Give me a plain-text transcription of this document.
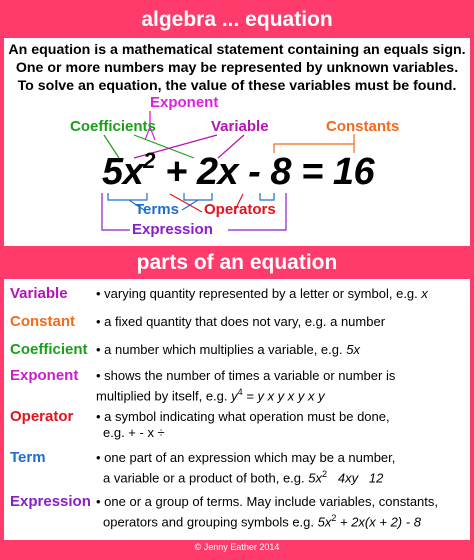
algebra ... equation
An equation is a mathematical statement containing an equals sign.
One or more numbers may be represented by unknown variables.
To solve an equation, the value of these variables must be found.
Exponent
Coefficients	Variable	Constants
$5x^2 + 2x - 8 = 16$
Terms Operators
Expression
parts of an equation
Variable • varying quantity represented by a letter or symbol, e.g. x
Constant • a fixed quantity that does not vary, e.g. a number
Coefficient • a number which multiplies a variable, e.g. 5x
Exponent • shows the number of times a variable or number is
multiplied by itself, e.g. $y^4 = y$ x y x y x y
Operator • a symbol indicating what operation must be done,
e.g. + - x ÷
Term	• one part of an expression which may be a number,
a variable or a product of both, e.g. $5x^2$   4xy   12
Expression • one or a group of terms. May include variables, constants,
operators and grouping symbols e.g. $5x^2 + 2x(x + 2) - 8$
© Jenny Eather 2014
